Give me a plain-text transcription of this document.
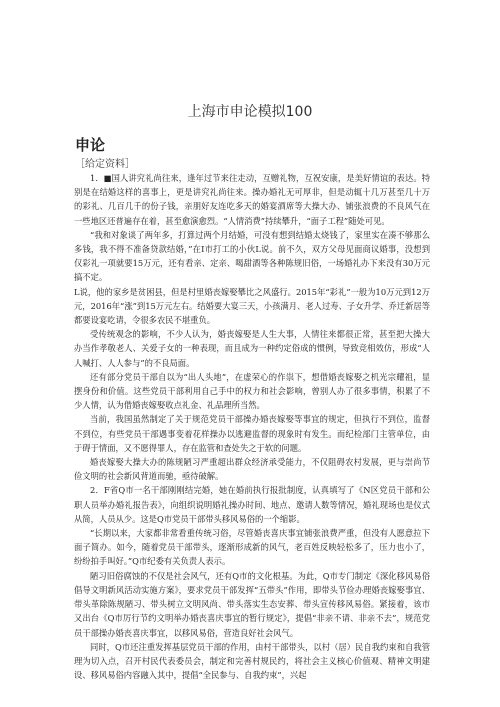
上海市申论模拟100
申论
［给定资料］

1．■国人讲究礼尚往来，逢年过节来往走动，互赠礼物，互祝安康，是美好情谊的表达。特别是在结婚这样的喜事上，更是讲究礼尚往来。操办婚礼无可厚非，但是动辄十几万甚至几十万的彩礼、几百几千的份子钱，亲朋好友连吃多天的婚宴酒席等大操大办、铺张浪费的不良风气在一些地区还普遍存在着，甚至愈演愈烈。“人情消费”持续攀升，“面子工程”随处可见。

“我和对象谈了两年多，打算过两个月结婚，可没有想到结婚太烧钱了，家里实在凑不够那么多钱，我不得不准备贷款结婚，”在I市打工的小伙L说。前不久，双方父母见面商议婚事，没想到仅彩礼一项就要15万元，还有看亲、定亲、喝甜酒等各种陈规旧俗，一场婚礼办下来没有30万元搞不定。

L说，他的家乡是贫困县，但是村里婚丧嫁娶攀比之风盛行。2015年“彩礼”一般为10万元到12万元，2016年“涨”到15万元左右。结婚要大宴三天，小孩满月、老人过寿、子女升学、乔迁新居等都要设宴吃请，令很多农民不堪重负。

受传统观念的影响，不少人认为，婚丧嫁娶是人生大事，人情往来都很正常，甚至把大操大办当作孝敬老人、关爱子女的一种表现，而且成为一种约定俗成的惯例，导致竞相效仿，形成“人人喊打、人人参与”的不良局面。

还有部分党员干部自以为“出人头地”，在虚荣心的作祟下，想借婚丧嫁娶之机光宗耀祖，显摆身份和价值。这些党员干部利用自己手中的权力和社会影响，曾别人办了很多事情，积累了不少人情，认为借婚丧嫁娶收点礼金、礼品理所当然。

当前，我国虽然制定了关于规范党员干部操办婚丧嫁娶等事宜的规定，但执行不到位，监督不到位，有些党员干部遇事变着花样操办以逃避监督的现象时有发生。而纪检部门主管单位，由于碍于情面，又不愿得罪人，存在监管和查处失之于软的问题。

婚丧嫁娶大操大办的陈规陋习严重超出群众经济承受能力，不仅阻碍农村发展，更与崇尚节俭文明的社会新风背道而驰，亟待破解。

2．F省Q市一名干部刚刚结完婚，她在婚前执行报批制度，认真填写了《N区党员干部和公职人员举办婚礼报告表》，向组织说明婚礼操办时间、地点、邀请人数等情况，婚礼现场也是仪式从简，人员从少。这是Q市党员干部带头移风易俗的一个缩影。

“长期以来，大家都非常看重传统习俗，尽管婚丧喜庆事宜铺张浪费严重，但没有人愿意拉下面子简办。如今，随着党员干部带头，逐渐形成新的风气，老百姓反映轻松多了，压力也小了，纷纷拍手叫好。”Q市纪委有关负责人表示。

陋习旧俗腐蚀的不仅是社会风气，还有Q市的文化根基。为此，Q市专门制定《深化移风易俗倡导文明新风活动实施方案》，要求党员干部发挥“五带头”作用，即带头节俭办理婚丧嫁娶事宜、带头革除陈规陋习、带头树立文明风尚、带头落实生态安葬、带头宣传移风易俗。紧接着，该市又出台《Q市厉行节约文明举办婚丧喜庆事宜的暂行规定》，提倡“非亲不请、非亲不去”，规范党员干部操办婚丧喜庆事宜，以移风易俗，营造良好社会风气。

同时，Q市还注重发挥基层党员干部的作用，由村干部带头，以村（居）民自我约束和自我管理为切入点，召开村民代表委员会，制定和完善村规民约，将社会主义核心价值观、精神文明建设、移风易俗内容融入其中，提倡“全民参与、自我约束”，兴起
